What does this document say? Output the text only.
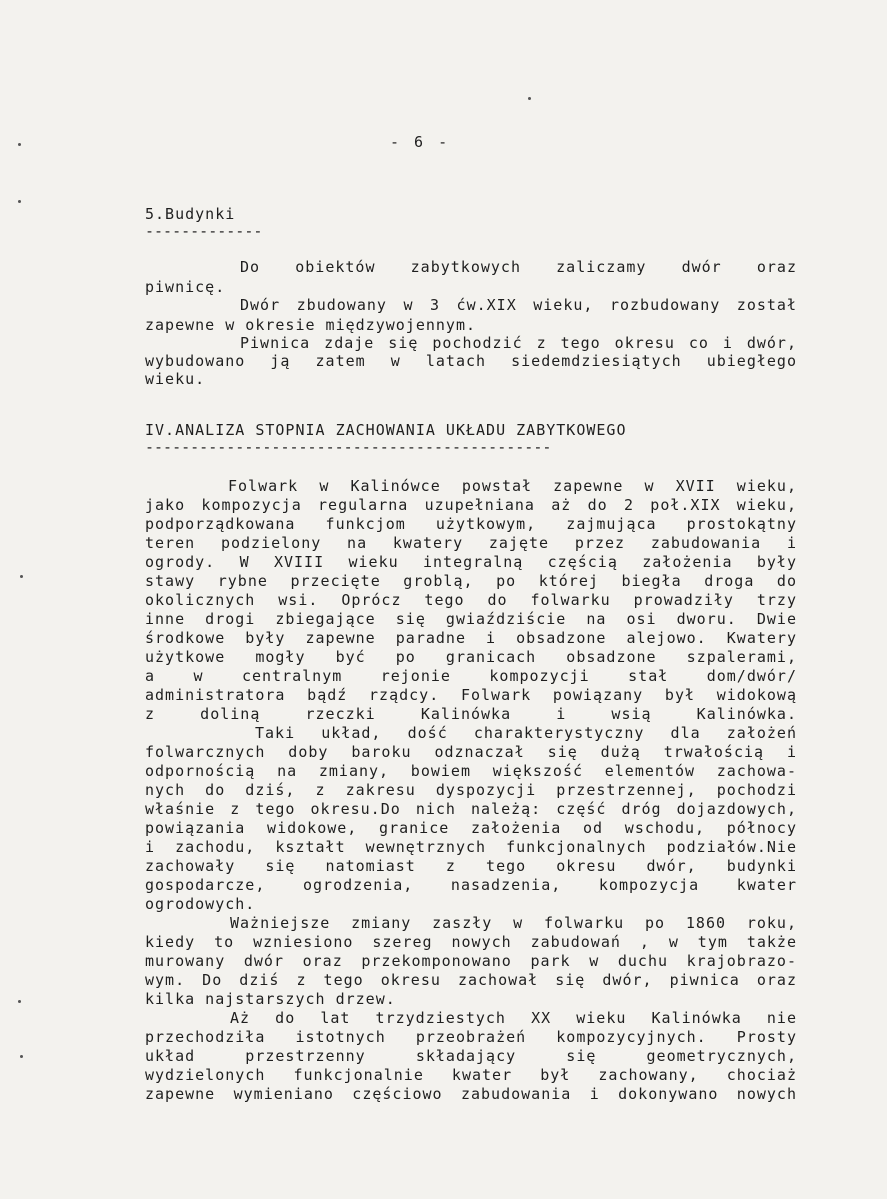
- 6 -
5.Budynki
-------------
Do obiektów zabytkowych zaliczamy dwór oraz
piwnicę.
Dwór zbudowany w 3 ćw.XIX wieku, rozbudowany został
zapewne w okresie międzywojennym.
Piwnica zdaje się pochodzić z tego okresu co i dwór,
wybudowano ją zatem w latach siedemdziesiątych ubiegłego
wieku.
IV.ANALIZA STOPNIA ZACHOWANIA UKŁADU ZABYTKOWEGO
---------------------------------------------
Folwark w Kalinówce powstał zapewne w XVII wieku,
jako kompozycja regularna uzupełniana aż do 2 poł.XIX wieku,
podporządkowana funkcjom użytkowym, zajmująca prostokątny
teren podzielony na kwatery zajęte przez zabudowania i
ogrody. W XVIII wieku integralną częścią założenia były
stawy rybne przecięte groblą, po której biegła droga do
okolicznych wsi. Oprócz tego do folwarku prowadziły trzy
inne drogi zbiegające się gwiaździście na osi dworu. Dwie
środkowe były zapewne paradne i obsadzone alejowo. Kwatery
użytkowe mogły być po granicach obsadzone szpalerami,
a w centralnym rejonie kompozycji stał dom/dwór/
administratora bądź rządcy. Folwark powiązany był widokową
z doliną rzeczki Kalinówka i wsią Kalinówka.
Taki układ, dość charakterystyczny dla założeń
folwarcznych doby baroku odznaczał się dużą trwałością i
odpornością na zmiany, bowiem większość elementów zachowa-
nych do dziś, z zakresu dyspozycji przestrzennej, pochodzi
właśnie z tego okresu.Do nich należą: część dróg dojazdowych,
powiązania widokowe, granice założenia od wschodu, północy
i zachodu, kształt wewnętrznych funkcjonalnych podziałów.Nie
zachowały się natomiast z tego okresu dwór, budynki
gospodarcze, ogrodzenia, nasadzenia, kompozycja kwater
ogrodowych.
Ważniejsze zmiany zaszły w folwarku po 1860 roku,
kiedy to wzniesiono szereg nowych zabudowań , w tym także
murowany dwór oraz przekomponowano park w duchu krajobrazo-
wym. Do dziś z tego okresu zachował się dwór, piwnica oraz
kilka najstarszych drzew.
Aż do lat trzydziestych XX wieku Kalinówka nie
przechodziła istotnych przeobrażeń kompozycyjnych. Prosty
układ przestrzenny składający się geometrycznych,
wydzielonych funkcjonalnie kwater był zachowany, chociaż
zapewne wymieniano częściowo zabudowania i dokonywano nowych
